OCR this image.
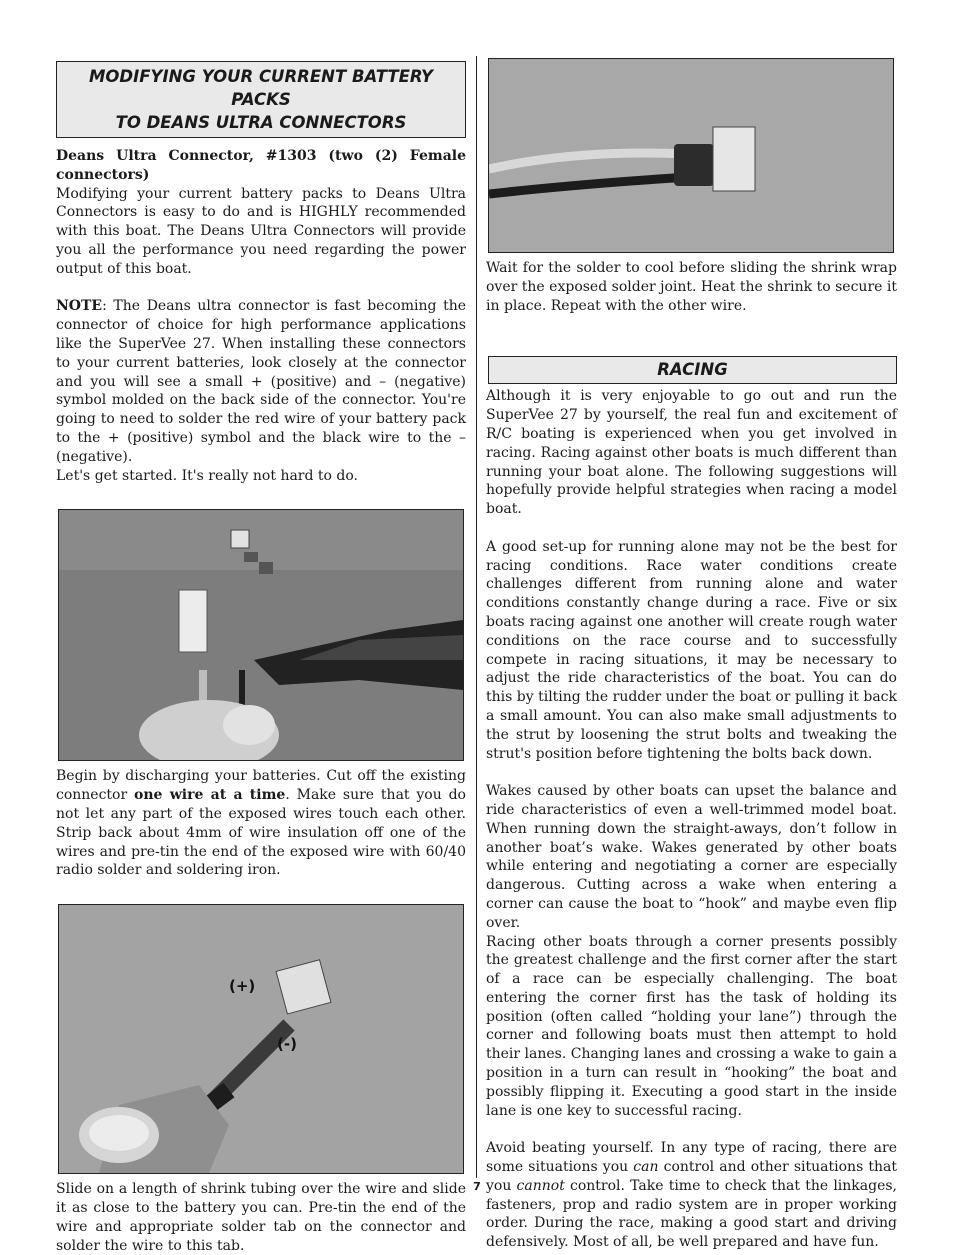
MODIFYING YOUR CURRENT BATTERY PACKS
TO DEANS ULTRA CONNECTORS

Deans Ultra Connector, #1303 (two (2) Female connectors)
Modifying your current battery packs to Deans Ultra Connectors is easy to do and is HIGHLY recommended with this boat. The Deans Ultra Connectors will provide you all the performance you need regarding the power output of this boat.

NOTE: The Deans ultra connector is fast becoming the connector of choice for high performance applications like the SuperVee 27. When installing these connectors to your current batteries, look closely at the connector and you will see a small + (positive) and – (negative) symbol molded on the back side of the connector. You're going to need to solder the red wire of your battery pack to the + (positive) symbol and the black wire to the – (negative).
Let's get started. It's really not hard to do.

Begin by discharging your batteries. Cut off the existing connector one wire at a time. Make sure that you do not let any part of the exposed wires touch each other. Strip back about 4mm of wire insulation off one of the wires and pre-tin the end of the exposed wire with 60/40 radio solder and soldering iron.

(+)
(-)

Slide on a length of shrink tubing over the wire and slide it as close to the battery you can. Pre-tin the end of the wire and appropriate solder tab on the connector and solder the wire to this tab.

Wait for the solder to cool before sliding the shrink wrap over the exposed solder joint. Heat the shrink to secure it in place. Repeat with the other wire.

RACING

Although it is very enjoyable to go out and run the SuperVee 27 by yourself, the real fun and excitement of R/C boating is experienced when you get involved in racing. Racing against other boats is much different than running your boat alone. The following suggestions will hopefully provide helpful strategies when racing a model boat.

A good set-up for running alone may not be the best for racing conditions. Race water conditions create challenges different from running alone and water conditions constantly change during a race. Five or six boats racing against one another will create rough water conditions on the race course and to successfully compete in racing situations, it may be necessary to adjust the ride characteristics of the boat. You can do this by tilting the rudder under the boat or pulling it back a small amount. You can also make small adjustments to the strut by loosening the strut bolts and tweaking the strut's position before tightening the bolts back down.

Wakes caused by other boats can upset the balance and ride characteristics of even a well-trimmed model boat. When running down the straight-aways, don’t follow in another boat’s wake. Wakes generated by other boats while entering and negotiating a corner are especially dangerous. Cutting across a wake when entering a corner can cause the boat to “hook” and maybe even flip over.

Racing other boats through a corner presents possibly the greatest challenge and the first corner after the start of a race can be especially challenging. The boat entering the corner first has the task of holding its position (often called “holding your lane”) through the corner and following boats must then attempt to hold their lanes. Changing lanes and crossing a wake to gain a position in a turn can result in “hooking” the boat and possibly flipping it. Executing a good start in the inside lane is one key to successful racing.

Avoid beating yourself. In any type of racing, there are some situations you can control and other situations that you cannot control. Take time to check that the linkages, fasteners, prop and radio system are in proper working order. During the race, making a good start and driving defensively. Most of all, be well prepared and have fun.

7
